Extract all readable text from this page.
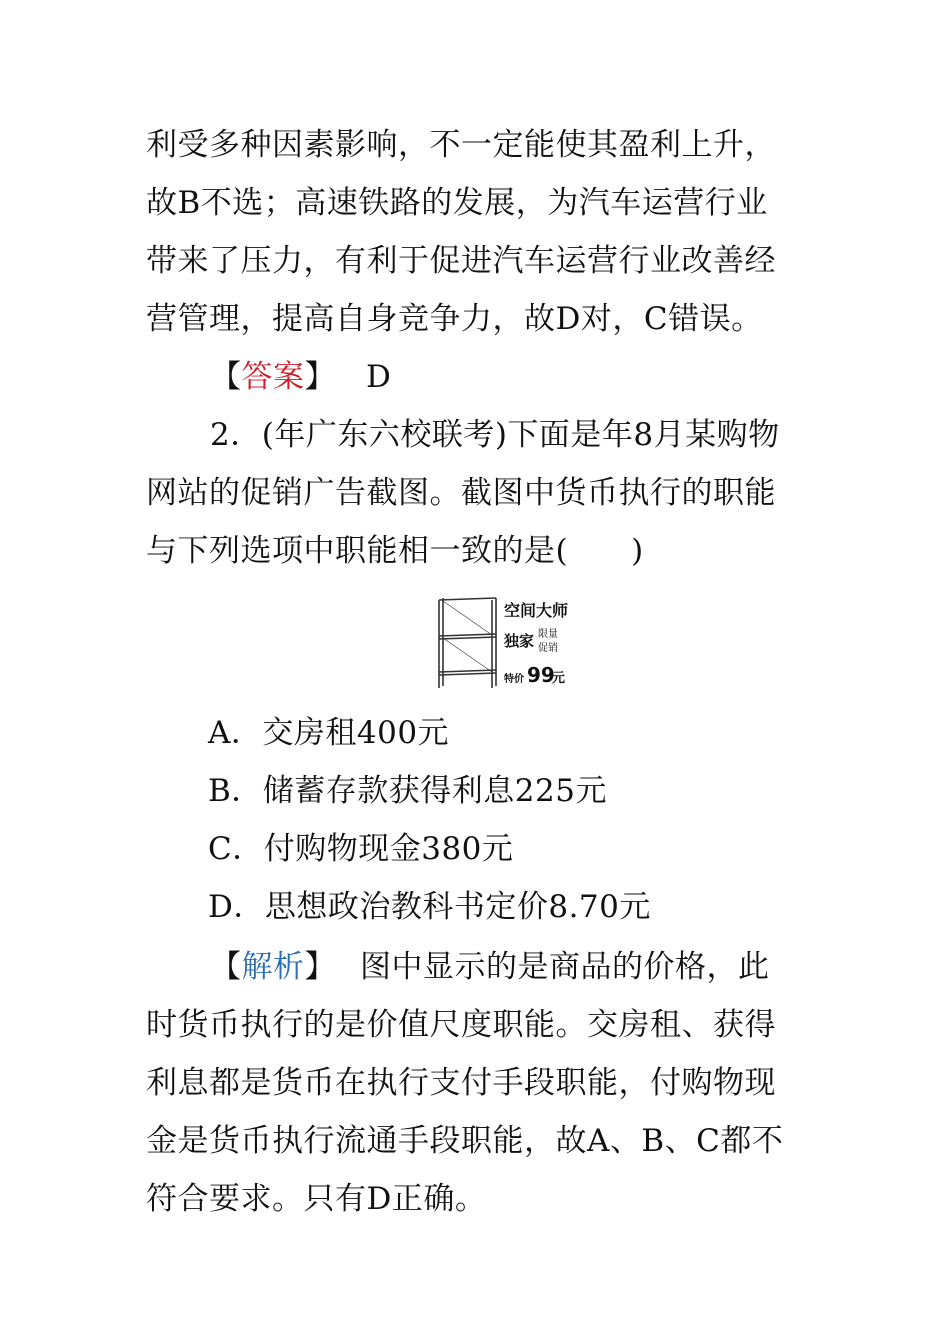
利受多种因素影响，不一定能使其盈利上升，
故B不选；高速铁路的发展，为汽车运营行业
带来了压力，有利于促进汽车运营行业改善经
营管理，提高自身竞争力，故D对，C错误。
【答案】 D
2．(年广东六校联考)下面是年8月某购物
网站的促销广告截图。截图中货币执行的职能
与下列选项中职能相一致的是(　　)
空间大师
独家 限量
促销
特价 99
元
A．交房租400元
B．储蓄存款获得利息225元
C．付购物现金380元
D．思想政治教科书定价8.70元
【解析】 图中显示的是商品的价格，此
时货币执行的是价值尺度职能。交房租、获得
利息都是货币在执行支付手段职能，付购物现
金是货币执行流通手段职能，故A、B、C都不
符合要求。只有D正确。
